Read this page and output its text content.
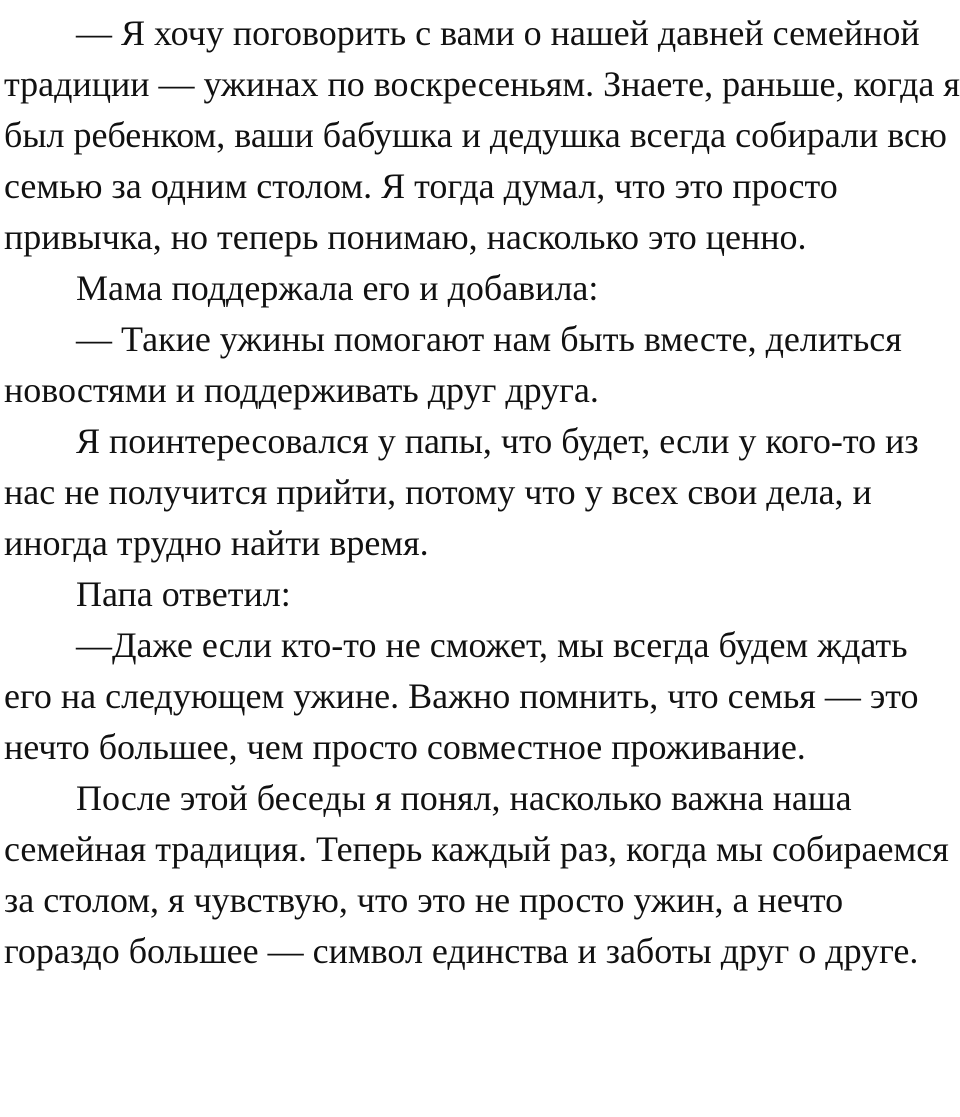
— Я хочу поговорить с вами о нашей давней семейной традиции — ужинах по воскресеньям. Знаете, раньше, когда я был ребенком, ваши бабушка и дедушка всегда собирали всю семью за одним столом. Я тогда думал, что это просто привычка, но теперь понимаю, насколько это ценно.

Мама поддержала его и добавила:

— Такие ужины помогают нам быть вместе, делиться новостями и поддерживать друг друга.

Я поинтересовался у папы, что будет, если у кого-то из нас не получится прийти, потому что у всех свои дела, и иногда трудно найти время.

Папа ответил:

—Даже если кто-то не сможет, мы всегда будем ждать его на следующем ужине. Важно помнить, что семья — это нечто большее, чем просто совместное проживание.

После этой беседы я понял, насколько важна наша семейная традиция. Теперь каждый раз, когда мы собираемся за столом, я чувствую, что это не просто ужин, а нечто гораздо большее — символ единства и заботы друг о друге.
